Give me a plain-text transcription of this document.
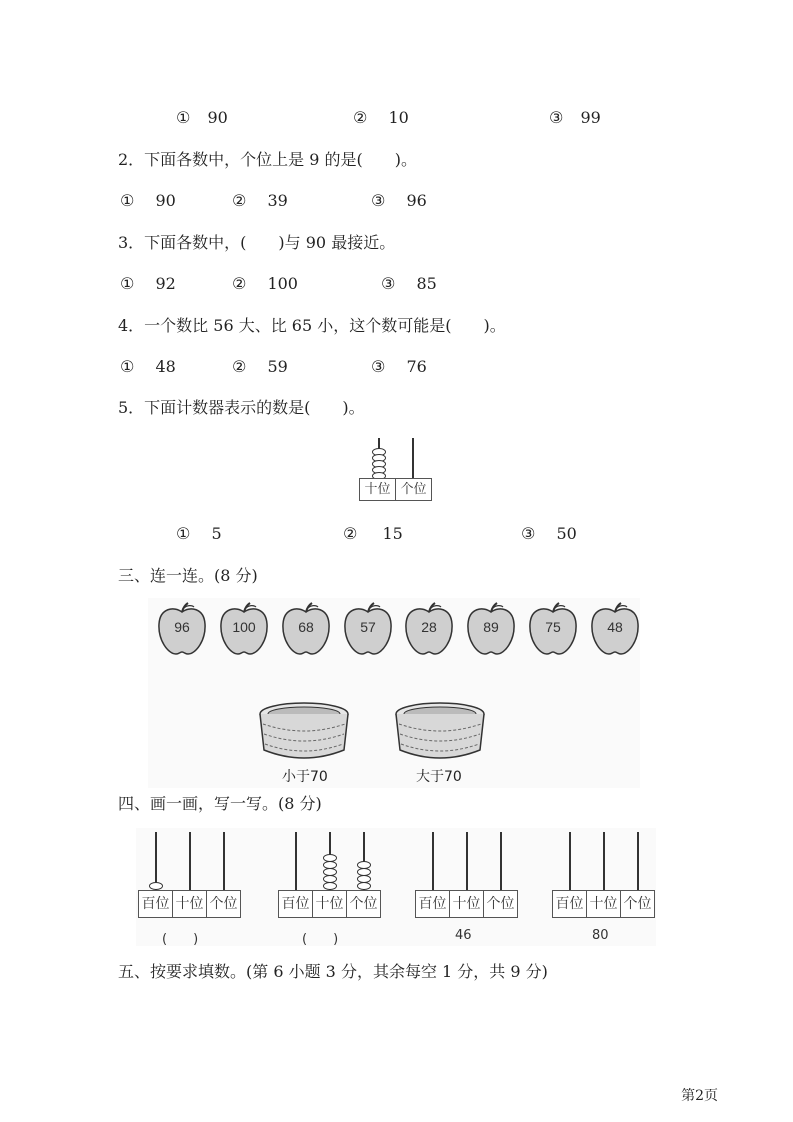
① 90	② 10	③ 99
2．下面各数中，个位上是 9 的是(　　)。
① 90	② 39	③ 96
3．下面各数中，(　　)与 90 最接近。
① 92	② 100	③ 85
4．一个数比 56 大、比 65 小，这个数可能是(　　)。
① 48	② 59	③ 76
5．下面计数器表示的数是(　　)。
十位 个位
① 5	② 15	③ 50
三、连一连。(8 分)
96	100	68	57	28	89	75	48
小于70	大于70
四、画一画，写一写。(8 分)
百位 十位 个位
(　　)
百位 十位 个位
(　　)
百位 十位 个位
46
百位 十位 个位
80
五、按要求填数。(第 6 小题 3 分，其余每空 1 分，共 9 分)
第2页
